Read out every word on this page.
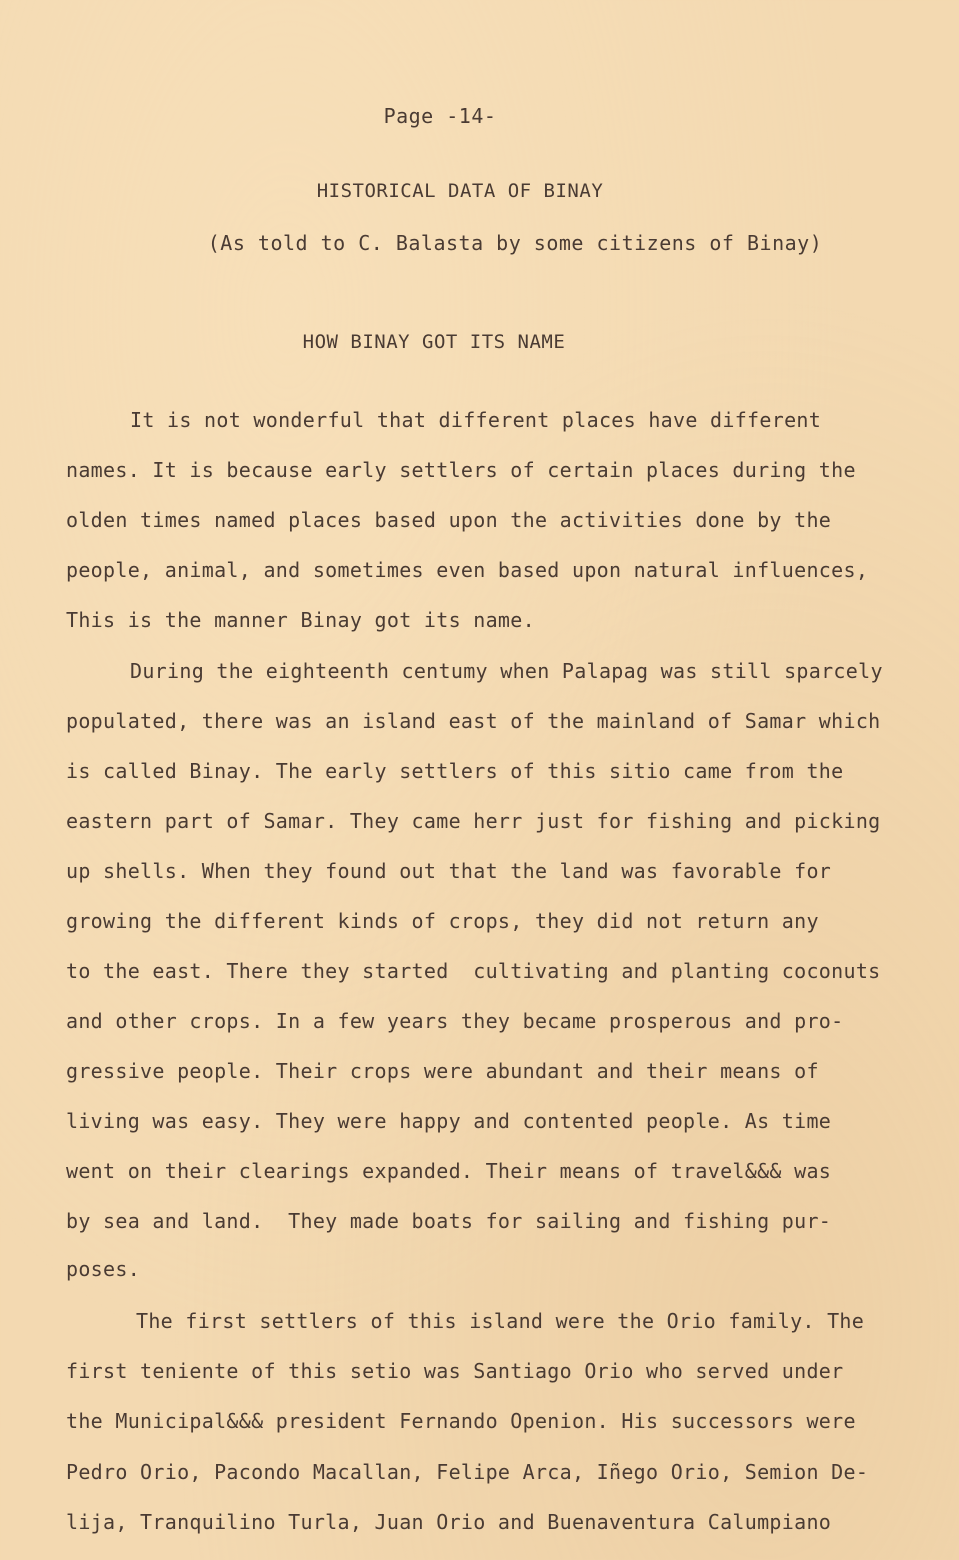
Page -14-
HISTORICAL DATA OF BINAY
(As told to C. Balasta by some citizens of Binay)
HOW BINAY GOT ITS NAME
It is not wonderful that different places have different
names. It is because early settlers of certain places during the
olden times named places based upon the activities done by the
people, animal, and sometimes even based upon natural influences,
This is the manner Binay got its name.
During the eighteenth centumy when Palapag was still sparcely
populated, there was an island east of the mainland of Samar which
is called Binay. The early settlers of this sitio came from the
eastern part of Samar. They came herr just for fishing and picking
up shells. When they found out that the land was favorable for
growing the different kinds of crops, they did not return any
to the east. There they started  cultivating and planting coconuts
and other crops. In a few years they became prosperous and pro-
gressive people. Their crops were abundant and their means of
living was easy. They were happy and contented people. As time
went on their clearings expanded. Their means of travel&&& was
by sea and land.  They made boats for sailing and fishing pur-
poses.
The first settlers of this island were the Orio family. The
first teniente of this setio was Santiago Orio who served under
the Municipal&&& president Fernando Openion. His successors were
Pedro Orio, Pacondo Macallan, Felipe Arca, Iñego Orio, Semion De-
lija, Tranquilino Turla, Juan Orio and Buenaventura Calumpiano
